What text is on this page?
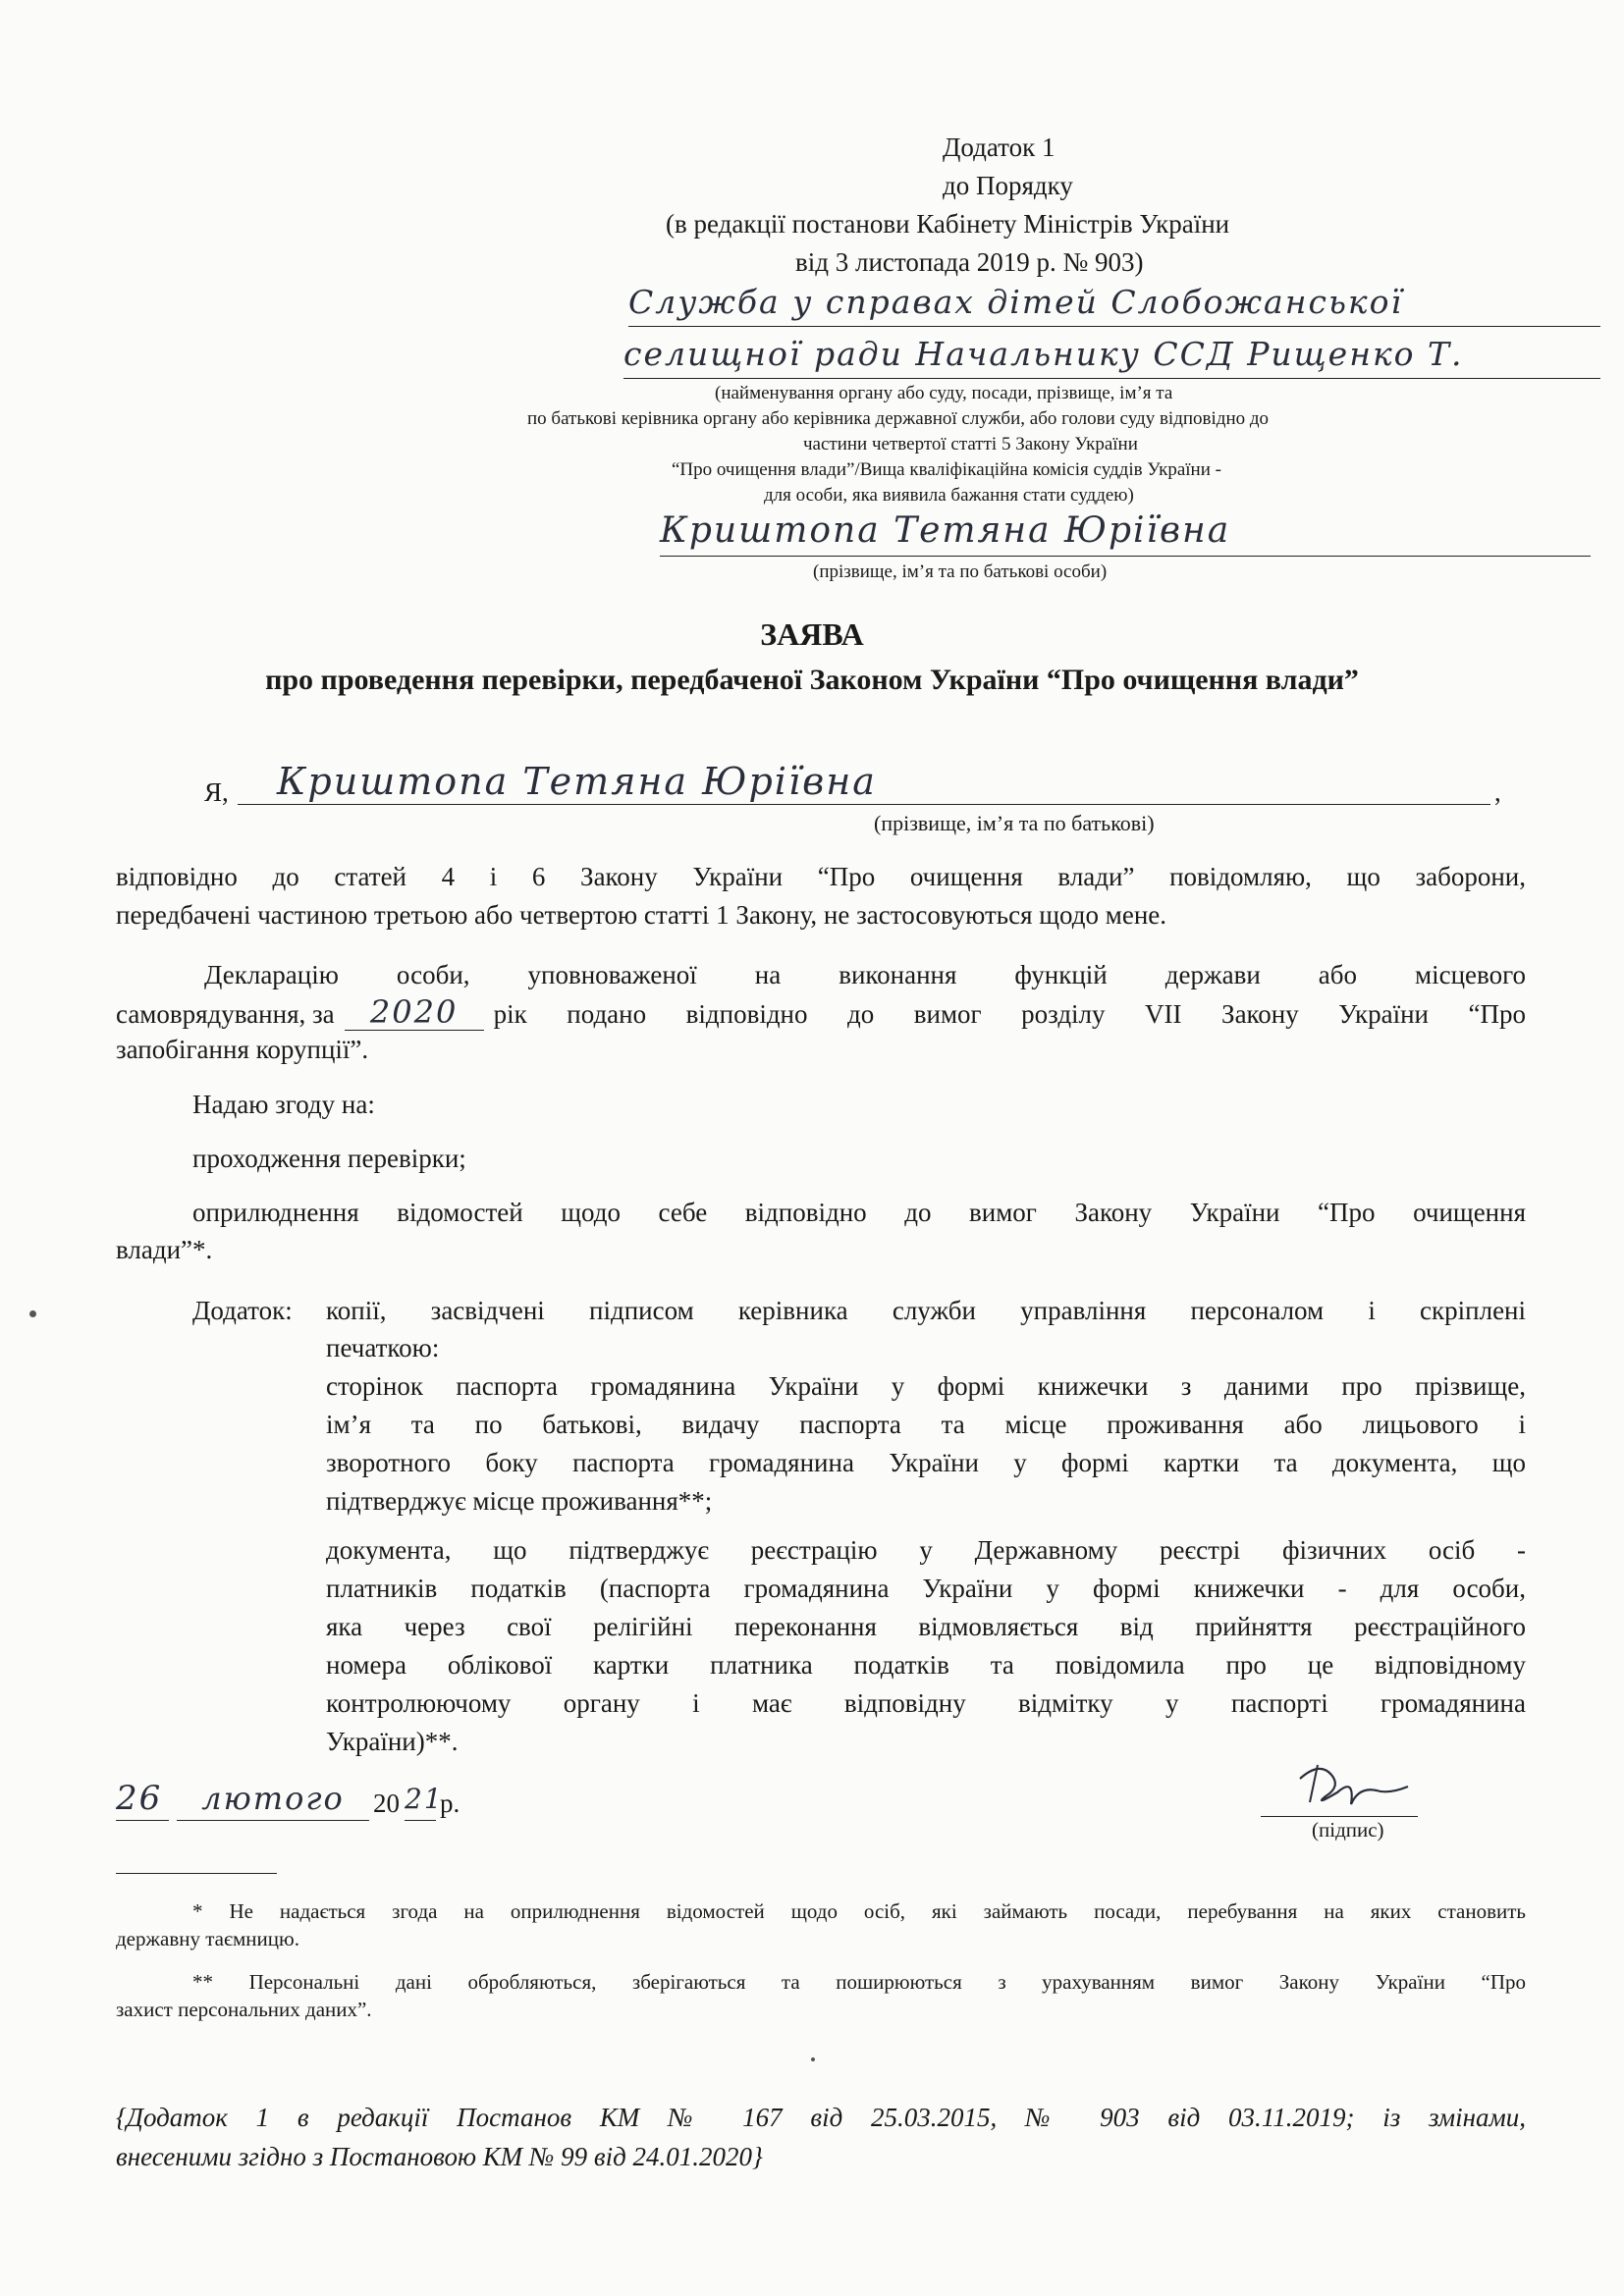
Додаток 1
до Порядку
(в редакції постанови Кабінету Міністрів України
від 3 листопада 2019 р. № 903)
Служба у справах дітей Слобожанської
селищної ради Начальнику ССД Рищенко Т.
(найменування органу або суду, посади, прізвище, ім’я та
по батькові керівника органу або керівника державної служби, або голови суду відповідно до
частини четвертої статті 5 Закону України
“Про очищення влади”/Вища кваліфікаційна комісія суддів України -
для особи, яка виявила бажання стати суддею)
Криштопа Тетяна Юріївна
(прізвище, ім’я та по батькові особи)
ЗАЯВА
про проведення перевірки, передбаченої Законом України “Про очищення влади”
Я,	Криштопа Тетяна Юріївна	,
(прізвище, ім’я та по батькові)
відповідно до статей 4 і 6 Закону України “Про очищення влади” повідомляю, що заборони,
передбачені частиною третьою або четвертою статті 1 Закону, не застосовуються щодо мене.
Декларацію особи, уповноваженої на виконання функцій держави або місцевого
самоврядування, за	2020	рік подано відповідно до вимог розділу VII Закону України “Про
запобігання корупції”.
Надаю згоду на:
проходження перевірки;
оприлюднення відомостей щодо себе відповідно до вимог Закону України “Про очищення
влади”*.
Додаток: копії, засвідчені підписом керівника служби управління персоналом і скріплені
печаткою:
сторінок паспорта громадянина України у формі книжечки з даними про прізвище,
ім’я та по батькові, видачу паспорта та місце проживання або лицьового і
зворотного боку паспорта громадянина України у формі картки та документа, що
підтверджує місце проживання**;
документа, що підтверджує реєстрацію у Державному реєстрі фізичних осіб -
платників податків (паспорта громадянина України у формі книжечки - для особи,
яка через свої релігійні переконання відмовляється від прийняття реєстраційного
номера облікової картки платника податків та повідомила про це відповідному
контролюючому органу і має відповідну відмітку у паспорті громадянина
України)**.
26	лютого	20 21
р.
(підпис)
* Не надається згода на оприлюднення відомостей щодо осіб, які займають посади, перебування на яких становить
державну таємницю.
** Персональні дані обробляються, зберігаються та поширюються з урахуванням вимог Закону України “Про
захист персональних даних”.
{Додаток 1 в редакції Постанов КМ № 167 від 25.03.2015, № 903 від 03.11.2019; із змінами,
внесеними згідно з Постановою КМ № 99 від 24.01.2020}
